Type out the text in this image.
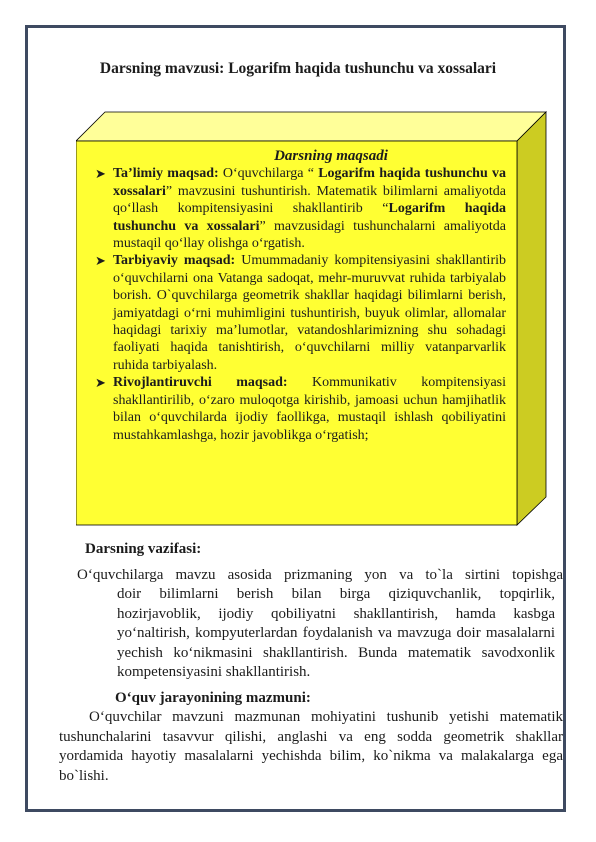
Darsning mavzusi: Logarifm haqida tushunchu va xossalari
Darsning maqsadi
➤ Ta’limiy maqsad: O‘quvchilarga “ Logarifm haqida tushunchu va xossalari” mavzusini tushuntirish. Matematik bilimlarni amaliyotda qo‘llash kompitensiyasini shakllantirib “Logarifm haqida tushunchu va xossalari” mavzusidagi tushunchalarni amaliyotda mustaqil qo‘llay olishga o‘rgatish.

➤ Tarbiyaviy maqsad: Umummadaniy kompitensiyasini shakllantirib o‘quvchilarni ona Vatanga sadoqat, mehr-muruvvat ruhida tarbiyalab borish. O`quvchilarga geometrik shakllar haqidagi bilimlarni berish, jamiyatdagi o‘rni muhimligini tushuntirish, buyuk olimlar, allomalar haqidagi tarixiy ma’lumotlar, vatandoshlarimizning shu sohadagi faoliyati haqida tanishtirish, o‘quvchilarni milliy vatanparvarlik ruhida tarbiyalash.

➤ Rivojlantiruvchi maqsad: Kommunikativ kompitensiyasi shakllantirilib, o‘zaro muloqotga kirishib, jamoasi uchun hamjihatlik bilan o‘quvchilarda ijodiy faollikga, mustaqil ishlash qobiliyatini mustahkamlashga, hozir javoblikga o‘rgatish;

Darsning vazifasi:
O‘quvchilarga mavzu asosida prizmaning yon va to`la sirtini topishga
doir bilimlarni berish bilan birga qiziquvchanlik, topqirlik, hozirjavoblik, ijodiy qobiliyatni shakllantirish, hamda kasbga yo‘naltirish, kompyuterlardan foydalanish va mavzuga doir masalalarni yechish ko‘nikmasini shakllantirish. Bunda matematik savodxonlik kompetensiyasini shakllantirish.
O‘quv jarayonining mazmuni:
O‘quvchilar mavzuni mazmunan mohiyatini tushunib yetishi matematik tushunchalarini tasavvur qilishi, anglashi va eng sodda geometrik shakllar yordamida hayotiy masalalarni yechishda bilim, ko`nikma va malakalarga ega bo`lishi.
